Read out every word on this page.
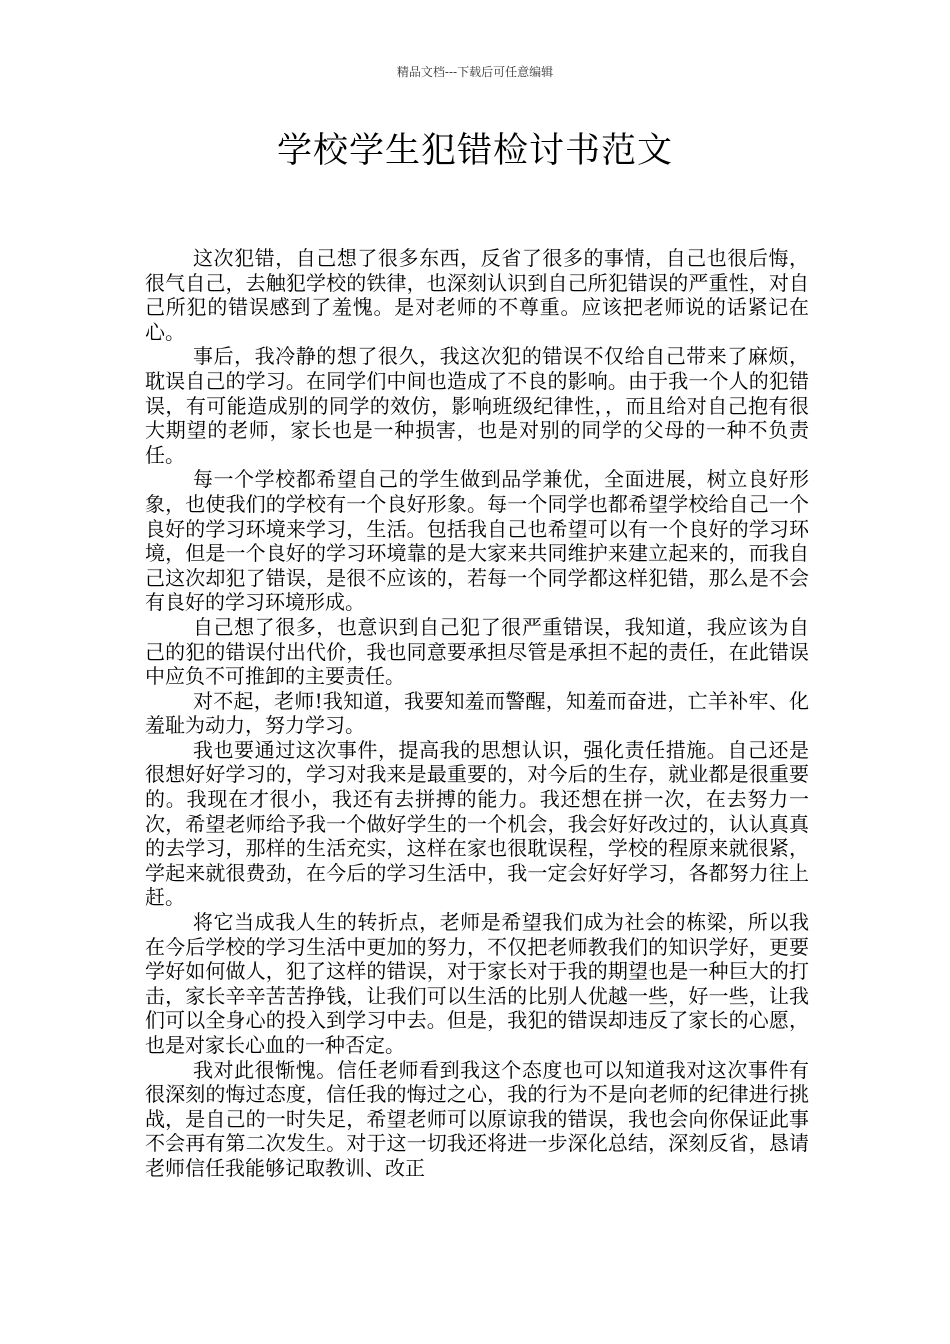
精品文档---下载后可任意编辑
学校学生犯错检讨书范文

这次犯错，自己想了很多东西，反省了很多的事情，自己也很后悔，很气自己，去触犯学校的铁律，也深刻认识到自己所犯错误的严重性，对自己所犯的错误感到了羞愧。是对老师的不尊重。应该把老师说的话紧记在心。

事后，我冷静的想了很久，我这次犯的错误不仅给自己带来了麻烦，耽误自己的学习。在同学们中间也造成了不良的影响。由于我一个人的犯错误，有可能造成别的同学的效仿，影响班级纪律性，，而且给对自己抱有很大期望的老师，家长也是一种损害，也是对别的同学的父母的一种不负责任。

每一个学校都希望自己的学生做到品学兼优，全面进展，树立良好形象，也使我们的学校有一个良好形象。每一个同学也都希望学校给自己一个良好的学习环境来学习，生活。包括我自己也希望可以有一个良好的学习环境，但是一个良好的学习环境靠的是大家来共同维护来建立起来的，而我自己这次却犯了错误，是很不应该的，若每一个同学都这样犯错，那么是不会有良好的学习环境形成。

自己想了很多，也意识到自己犯了很严重错误，我知道，我应该为自己的犯的错误付出代价，我也同意要承担尽管是承担不起的责任，在此错误中应负不可推卸的主要责任。

对不起，老师!我知道，我要知羞而警醒，知羞而奋进，亡羊补牢、化羞耻为动力，努力学习。

我也要通过这次事件，提高我的思想认识，强化责任措施。自己还是很想好好学习的，学习对我来是最重要的，对今后的生存，就业都是很重要的。我现在才很小，我还有去拼搏的能力。我还想在拼一次，在去努力一次，希望老师给予我一个做好学生的一个机会，我会好好改过的，认认真真的去学习，那样的生活充实，这样在家也很耽误程，学校的程原来就很紧，学起来就很费劲，在今后的学习生活中，我一定会好好学习，各都努力往上赶。

将它当成我人生的转折点，老师是希望我们成为社会的栋梁，所以我在今后学校的学习生活中更加的努力，不仅把老师教我们的知识学好，更要学好如何做人，犯了这样的错误，对于家长对于我的期望也是一种巨大的打击，家长辛辛苦苦挣钱，让我们可以生活的比别人优越一些，好一些，让我们可以全身心的投入到学习中去。但是，我犯的错误却违反了家长的心愿，也是对家长心血的一种否定。

我对此很惭愧。信任老师看到我这个态度也可以知道我对这次事件有很深刻的悔过态度，信任我的悔过之心，我的行为不是向老师的纪律进行挑战，是自己的一时失足，希望老师可以原谅我的错误，我也会向你保证此事不会再有第二次发生。对于这一切我还将进一步深化总结，深刻反省，恳请老师信任我能够记取教训、改正
